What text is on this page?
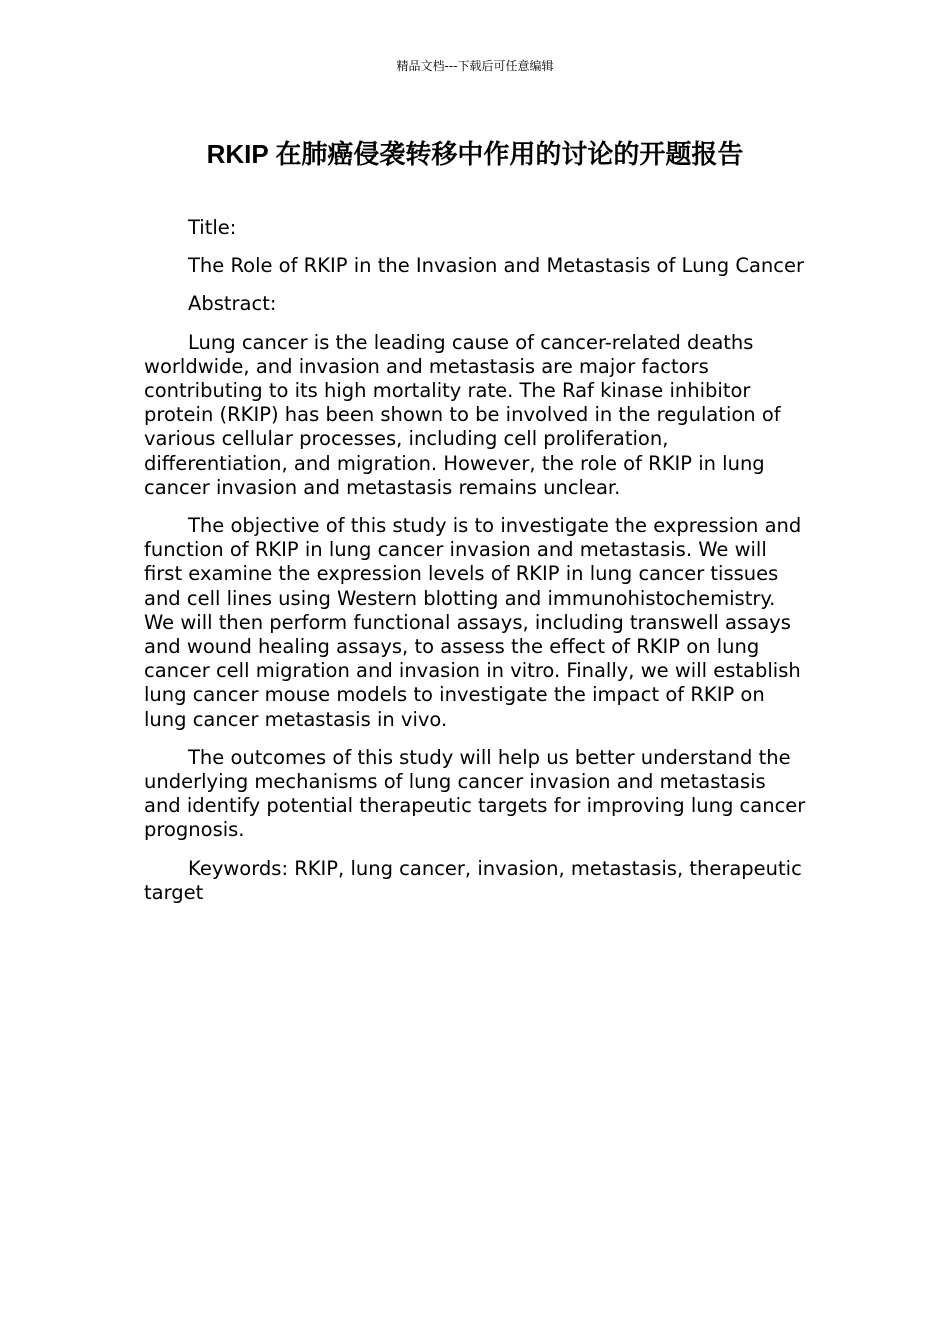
精品文档---下载后可任意编辑
RKIP 在肺癌侵袭转移中作用的讨论的开题报告

Title:

The Role of RKIP in the Invasion and Metastasis of Lung Cancer

Abstract:

Lung cancer is the leading cause of cancer-related deaths worldwide, and invasion and metastasis are major factors contributing to its high mortality rate. The Raf kinase inhibitor protein (RKIP) has been shown to be involved in the regulation of various cellular processes, including cell proliferation, differentiation, and migration. However, the role of RKIP in lung cancer invasion and metastasis remains unclear.

The objective of this study is to investigate the expression and function of RKIP in lung cancer invasion and metastasis. We will first examine the expression levels of RKIP in lung cancer tissues and cell lines using Western blotting and immunohistochemistry. We will then perform functional assays, including transwell assays and wound healing assays, to assess the effect of RKIP on lung cancer cell migration and invasion in vitro. Finally, we will establish lung cancer mouse models to investigate the impact of RKIP on lung cancer metastasis in vivo.

The outcomes of this study will help us better understand the underlying mechanisms of lung cancer invasion and metastasis and identify potential therapeutic targets for improving lung cancer prognosis.

Keywords: RKIP, lung cancer, invasion, metastasis, therapeutic target
